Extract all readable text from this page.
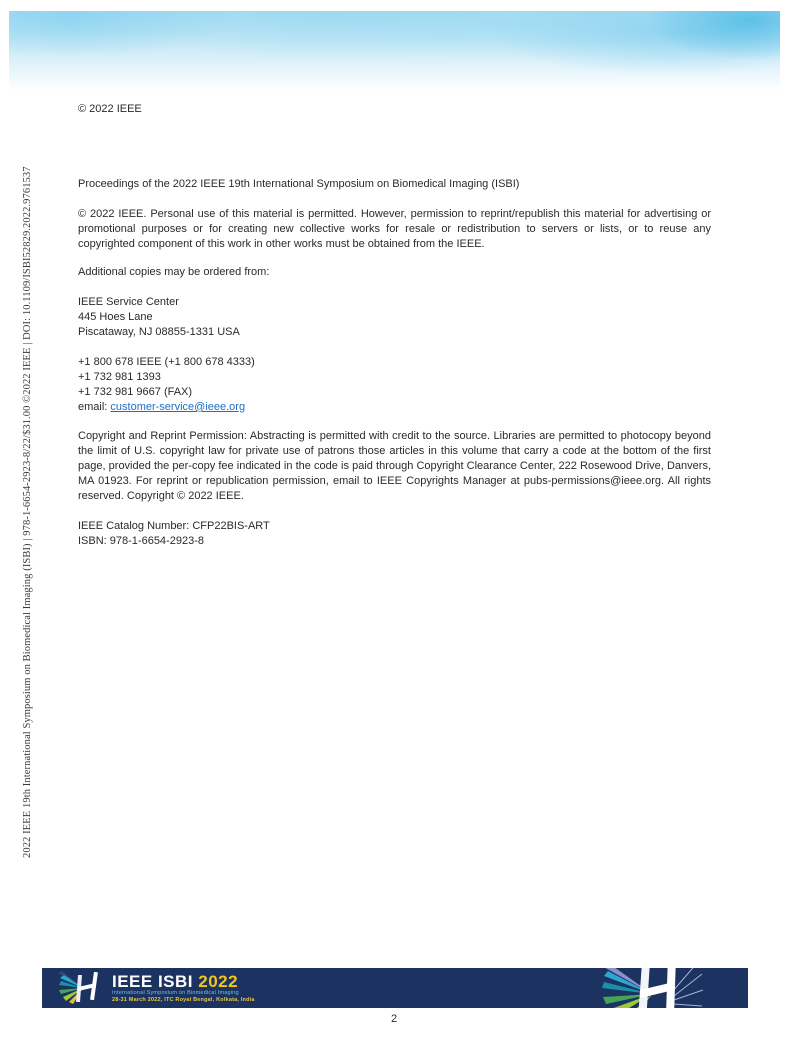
2022 IEEE 19th International Symposium on Biomedical Imaging (ISBI) | 978-1-6654-2923-8/22/$31.00 ©2022 IEEE | DOI: 10.1109/ISBI52829.2022.9761537
© 2022 IEEE
Proceedings of the 2022 IEEE 19th International Symposium on Biomedical Imaging (ISBI)
© 2022 IEEE. Personal use of this material is permitted. However, permission to reprint/republish this material for advertising or promotional purposes or for creating new collective works for resale or redistribution to servers or lists, or to reuse any copyrighted component of this work in other works must be obtained from the IEEE.
Additional copies may be ordered from:
IEEE Service Center
445 Hoes Lane
Piscataway, NJ 08855-1331 USA
+1 800 678 IEEE (+1 800 678 4333)
+1 732 981 1393
+1 732 981 9667 (FAX)
email: customer-service@ieee.org
Copyright and Reprint Permission: Abstracting is permitted with credit to the source. Libraries are permitted to photocopy beyond the limit of U.S. copyright law for private use of patrons those articles in this volume that carry a code at the bottom of the first page, provided the per-copy fee indicated in the code is paid through Copyright Clearance Center, 222 Rosewood Drive, Danvers, MA 01923. For reprint or republication permission, email to IEEE Copyrights Manager at pubs-permissions@ieee.org. All rights reserved. Copyright © 2022 IEEE.
IEEE Catalog Number: CFP22BIS-ART
ISBN: 978-1-6654-2923-8
IEEE ISBI 2022
International Symposium on Biomedical Imaging
28-31 March 2022, ITC Royal Bengal, Kolkata, India
2
